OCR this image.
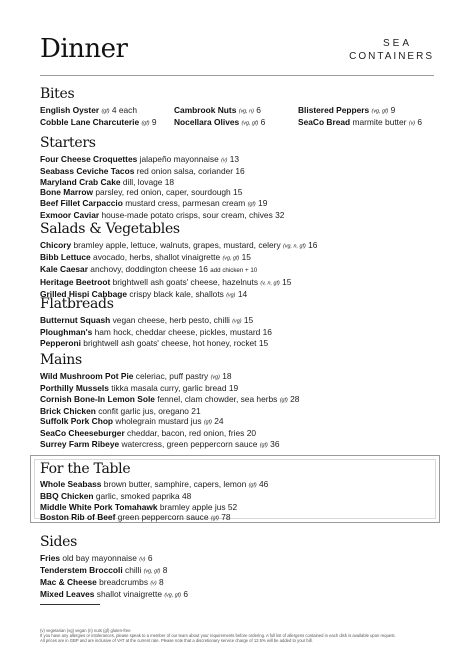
Dinner	SEA
CONTAINERS
Bites
English Oyster (gf) 4 each
Cobble Lane Charcuterie (gf) 9
Cambrook Nuts (vg, n) 6
Nocellara Olives (vg, gf) 6
Blistered Peppers (vg, gf) 9
SeaCo Bread marmite butter (v) 6
Starters
Four Cheese Croquettes jalapeño mayonnaise (v) 13
Seabass Ceviche Tacos red onion salsa, coriander 16
Maryland Crab Cake dill, lovage 18
Bone Marrow parsley, red onion, caper, sourdough 15
Beef Fillet Carpaccio mustard cress, parmesan cream (gf) 19
Exmoor Caviar house-made potato crisps, sour cream, chives 32
Salads & Vegetables
Chicory bramley apple, lettuce, walnuts, grapes, mustard, celery (vg, n, gf) 16
Bibb Lettuce avocado, herbs, shallot vinaigrette (vg, gf) 15
Kale Caesar anchovy, doddington cheese 16 add chicken + 10
Heritage Beetroot brightwell ash goats' cheese, hazelnuts (v, n, gf) 15
Grilled Hispi Cabbage crispy black kale, shallots (vg) 14
Flatbreads
Butternut Squash vegan cheese, herb pesto, chilli (vg) 15
Ploughman's ham hock, cheddar cheese, pickles, mustard 16
Pepperoni brightwell ash goats' cheese, hot honey, rocket 15
Mains
Wild Mushroom Pot Pie celeriac, puff pastry (vg) 18
Porthilly Mussels tikka masala curry, garlic bread 19
Cornish Bone-In Lemon Sole fennel, clam chowder, sea herbs (gf) 28
Brick Chicken confit garlic jus, oregano 21
Suffolk Pork Chop wholegrain mustard jus (gf) 24
SeaCo Cheeseburger cheddar, bacon, red onion, fries 20
Surrey Farm Ribeye watercress, green peppercorn sauce (gf) 36
For the Table
Whole Seabass brown butter, samphire, capers, lemon (gf) 46
BBQ Chicken garlic, smoked paprika 48
Middle White Pork Tomahawk bramley apple jus 52
Boston Rib of Beef green peppercorn sauce (gf) 78
Sides
Fries old bay mayonnaise (v) 6
Tenderstem Broccoli chilli (vg, gf) 8
Mac & Cheese breadcrumbs (v) 8
Mixed Leaves shallot vinaigrette (vg, gf) 6
(v) vegetarian (vg) vegan (n) nuts (gf) gluten-free
If you have any allergies or intolerances, please speak to a member of our team about your requirements before ordering. A full list of allergens contained in each dish is available upon request.
All prices are in GBP and are inclusive of VAT at the current rate. Please note that a discretionary service charge of 12.5% will be added to your bill.
